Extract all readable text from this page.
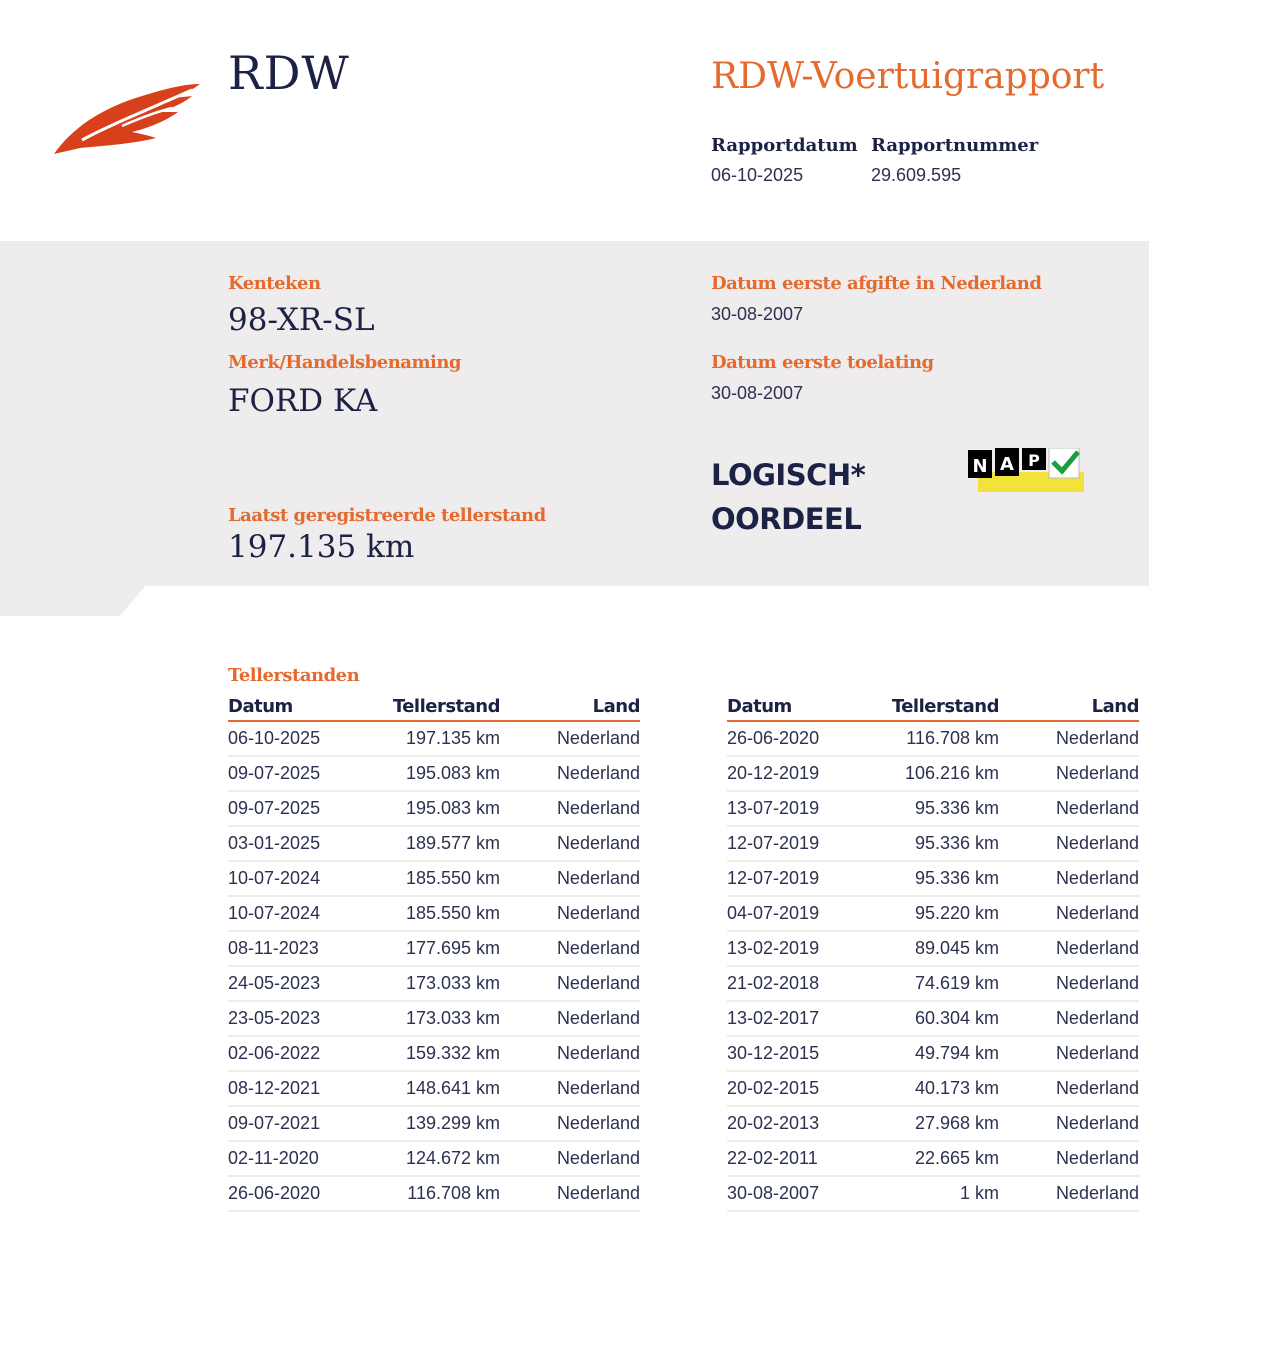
RDW	RDW-Voertuigrapport
Rapportdatum
06-10-2025
Rapportnummer
29.609.595
Kenteken
98-XR-SL
Merk/Handelsbenaming
FORD KA
Laatst geregistreerde tellerstand
197.135 km
Datum eerste afgifte in Nederland
30-08-2007
Datum eerste toelating
30-08-2007
LOGISCH*
OORDEEL
N A P
Tellerstanden
Datum	Tellerstand	Land
06-10-2025	197.135 km	Nederland
09-07-2025	195.083 km	Nederland
09-07-2025	195.083 km	Nederland
03-01-2025	189.577 km	Nederland
10-07-2024	185.550 km	Nederland
10-07-2024	185.550 km	Nederland
08-11-2023	177.695 km	Nederland
24-05-2023	173.033 km	Nederland
23-05-2023	173.033 km	Nederland
02-06-2022	159.332 km	Nederland
08-12-2021	148.641 km	Nederland
09-07-2021	139.299 km	Nederland
02-11-2020	124.672 km	Nederland
26-06-2020	116.708 km	Nederland
Datum	Tellerstand	Land
26-06-2020	116.708 km	Nederland
20-12-2019	106.216 km	Nederland
13-07-2019	95.336 km	Nederland
12-07-2019	95.336 km	Nederland
12-07-2019	95.336 km	Nederland
04-07-2019	95.220 km	Nederland
13-02-2019	89.045 km	Nederland
21-02-2018	74.619 km	Nederland
13-02-2017	60.304 km	Nederland
30-12-2015	49.794 km	Nederland
20-02-2015	40.173 km	Nederland
20-02-2013	27.968 km	Nederland
22-02-2011	22.665 km	Nederland
30-08-2007	1 km	Nederland
